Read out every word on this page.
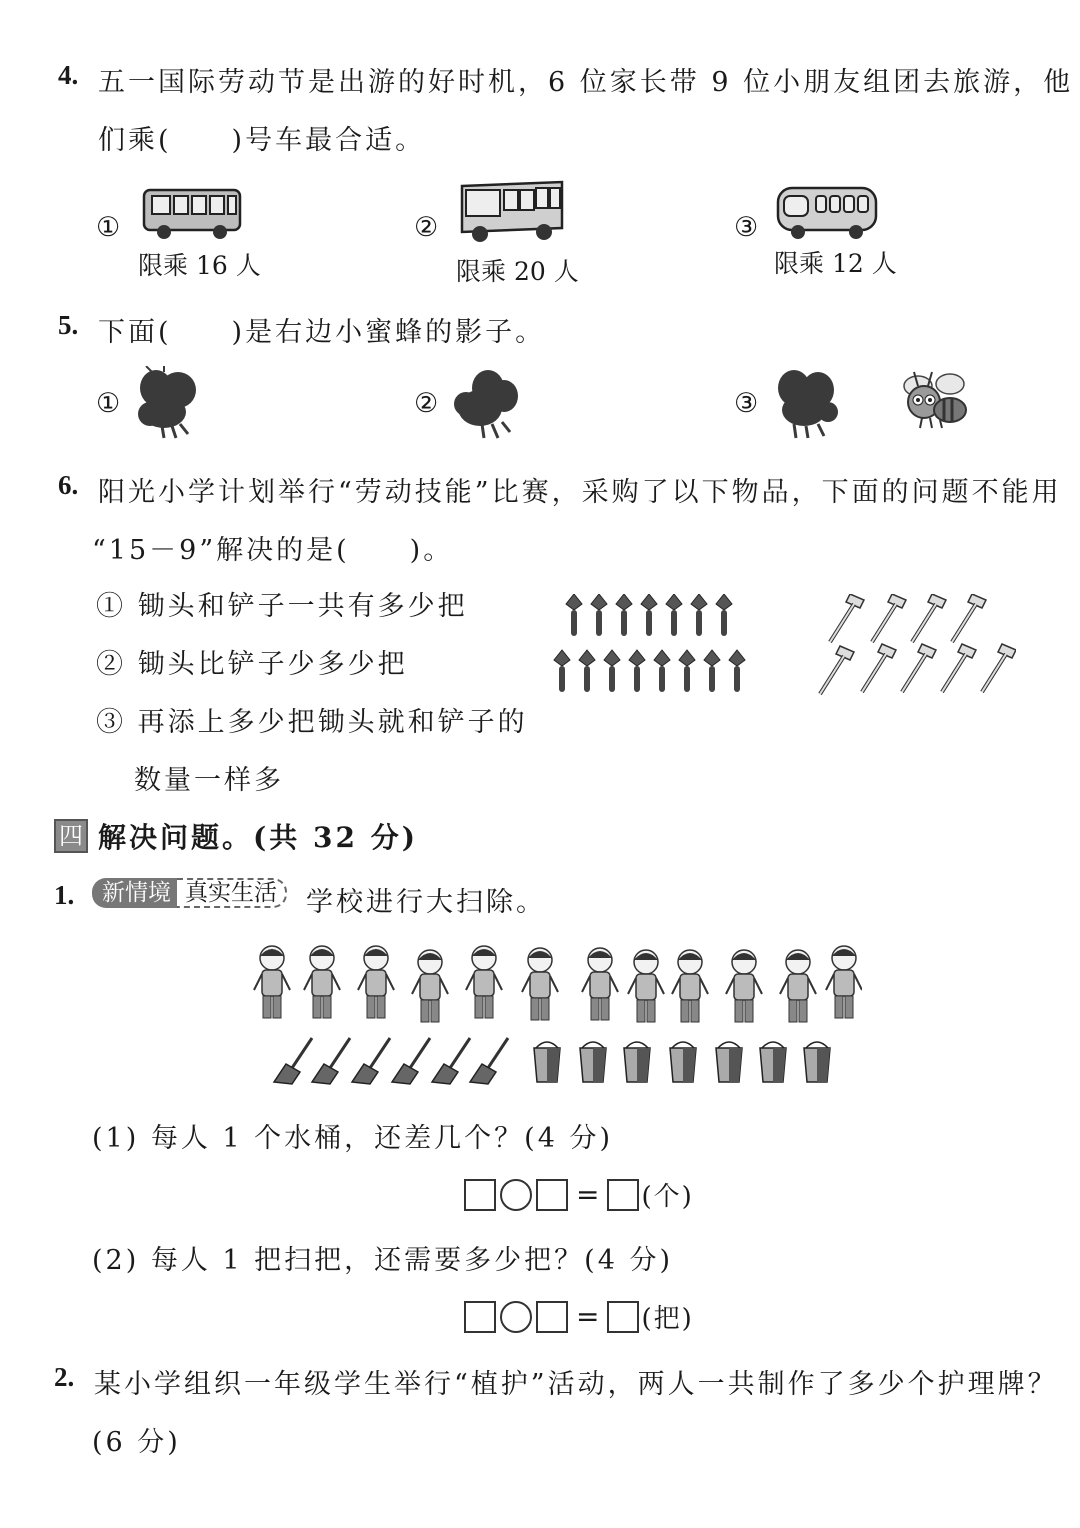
4. 五一国际劳动节是出游的好时机，6 位家长带 9 位小朋友组团去旅游，他
们乘(　　)号车最合适。
①
限乘 16 人
②
限乘 20 人
③
限乘 12 人
5. 下面(　　)是右边小蜜蜂的影子。
①	②	③
6. 阳光小学计划举行“劳动技能”比赛，采购了以下物品，下面的问题不能用
“15－9”解决的是(　　)。
① 锄头和铲子一共有多少把
② 锄头比铲子少多少把
③ 再添上多少把锄头就和铲子的
数量一样多
四 解决问题。(共 32 分)
1.	新情境 真实生活	学校进行大扫除。
(1) 每人 1 个水桶，还差几个？(4 分)
= (个)
(2) 每人 1 把扫把，还需要多少把？(4 分)
= (把)
2. 某小学组织一年级学生举行“植护”活动，两人一共制作了多少个护理牌？
(6 分)
